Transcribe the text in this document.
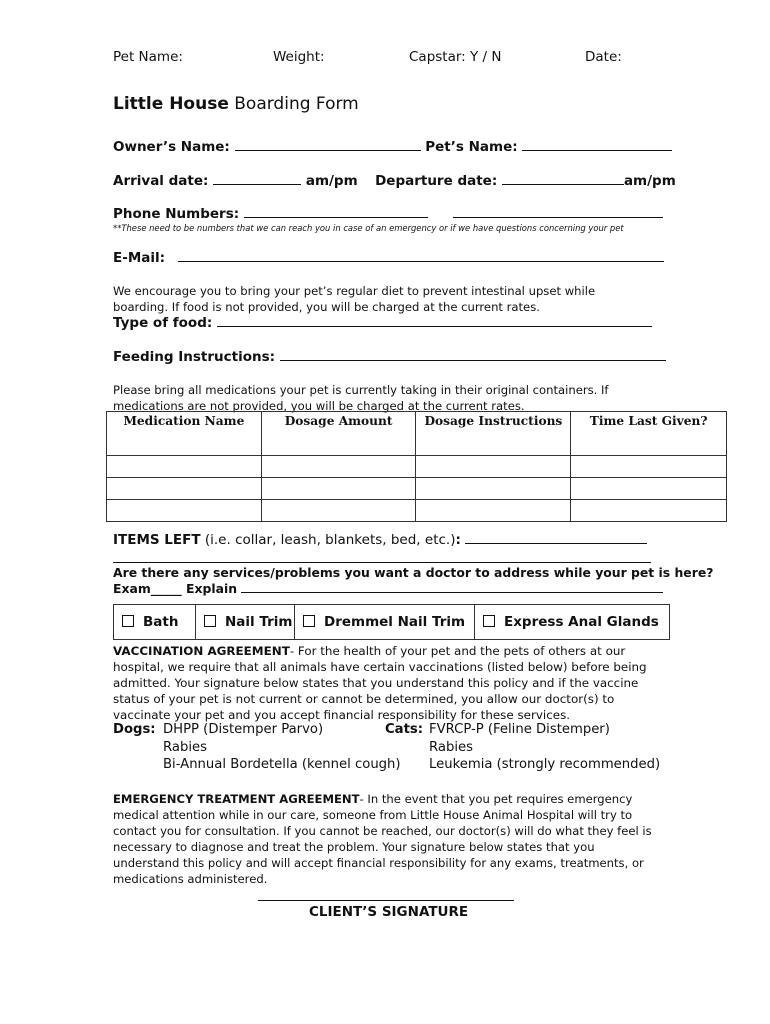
Pet Name:	Weight:	Capstar: Y / N	Date:
Little House Boarding Form
Owner’s Name:	Pet’s Name:
Arrival date:	am/pm Departure date:	am/pm
Phone Numbers:
**These need to be numbers that we can reach you in case of an emergency or if we have questions concerning your pet
E-Mail:
We encourage you to bring your pet’s regular diet to prevent intestinal upset while boarding. If food is not provided, you will be charged at the current rates.
Type of food:
Feeding Instructions:
Please bring all medications your pet is currently taking in their original containers. If medications are not provided, you will be charged at the current rates.
Medication Name	Dosage Amount	Dosage Instructions	Time Last Given?

ITEMS LEFT (i.e. collar, leash, blankets, bed, etc.):
Are there any services/problems you want a doctor to address while your pet is here?
Exam_____ Explain
Bath	Nail Trim Dremmel Nail Trim	Express Anal Glands
VACCINATION AGREEMENT- For the health of your pet and the pets of others at our hospital, we require that all animals have certain vaccinations (listed below) before being admitted. Your signature below states that you understand this policy and if the vaccine status of your pet is not current or cannot be determined, you allow our doctor(s) to vaccinate your pet and you accept financial responsibility for these services.
Dogs: DHPP (Distemper Parvo)
Rabies
Bi-Annual Bordetella (kennel cough)
Cats: FVRCP-P (Feline Distemper)
Rabies
Leukemia (strongly recommended)
EMERGENCY TREATMENT AGREEMENT- In the event that you pet requires emergency medical attention while in our care, someone from Little House Animal Hospital will try to contact you for consultation. If you cannot be reached, our doctor(s) will do what they feel is necessary to diagnose and treat the problem. Your signature below states that you understand this policy and will accept financial responsibility for any exams, treatments, or medications administered.
CLIENT’S SIGNATURE
